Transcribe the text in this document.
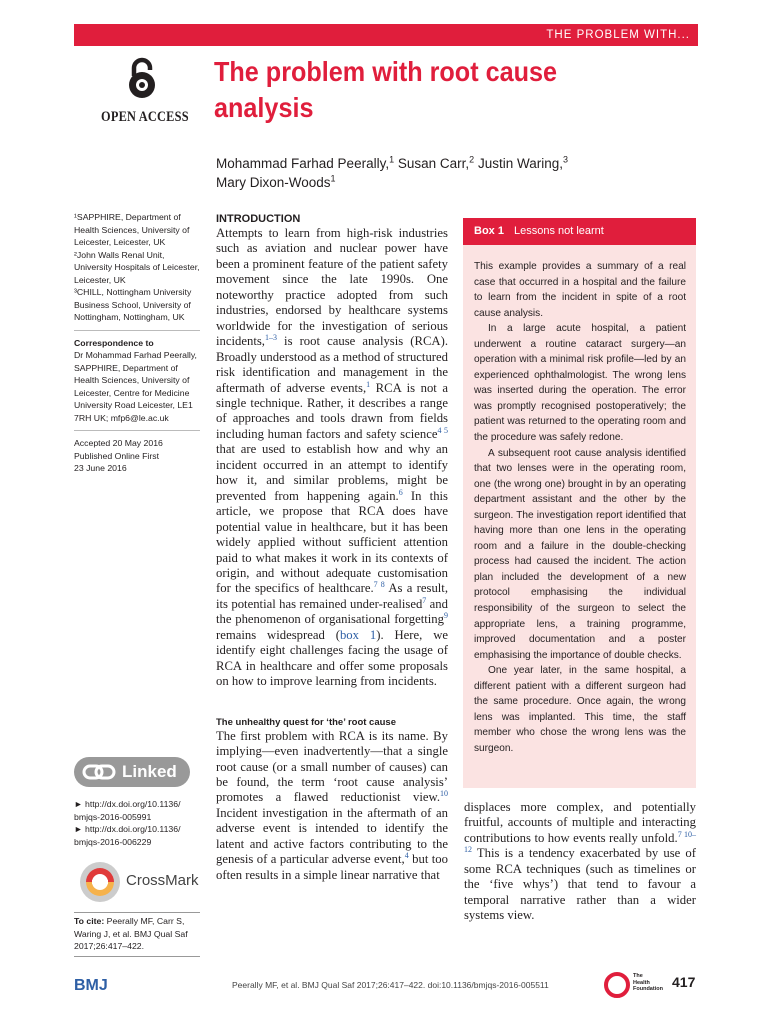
THE PROBLEM WITH...
OPEN ACCESS
The problem with root cause analysis
Mohammad Farhad Peerally,$^1$ Susan Carr,$^2$ Justin Waring,$^3$
Mary Dixon-Woods$^1$

¹SAPPHIRE, Department of Health Sciences, University of Leicester, Leicester, UK

²John Walls Renal Unit, University Hospitals of Leicester, Leicester, UK

³CHILL, Nottingham University Business School, University of Nottingham, Nottingham, UK

Correspondence to

Dr Mohammad Farhad Peerally, SAPPHIRE, Department of Health Sciences, University of Leicester, Centre for Medicine University Road Leicester, LE1 7RH UK; mfp6@le.ac.uk

Accepted 20 May 2016

Published Online First

23 June 2016

INTRODUCTION

Attempts to learn from high-risk industries such as aviation and nuclear power have been a prominent feature of the patient safety movement since the late 1990s. One noteworthy practice adopted from such industries, endorsed by healthcare systems worldwide for the investigation of serious incidents,$^{1-3}$ is root cause analysis (RCA). Broadly understood as a method of structured risk identification and management in the aftermath of adverse events,$^1$ RCA is not a single technique. Rather, it describes a range of approaches and tools drawn from fields including human factors and safety science$^{4 5}$ that are used to establish how and why an incident occurred in an attempt to identify how it, and similar problems, might be prevented from happening again.$^6$ In this article, we propose that RCA does have potential value in healthcare, but it has been widely applied without sufficient attention paid to what makes it work in its contexts of origin, and without adequate customisation for the specifics of healthcare.$^{7 8}$ As a result, its potential has remained under-realised$^7$ and the phenomenon of organisational forgetting$^9$ remains widespread (box 1). Here, we identify eight challenges facing the usage of RCA in healthcare and offer some proposals on how to improve learning from incidents.

The unhealthy quest for ‘the’ root cause

The first problem with RCA is its name. By implying—even inadvertently—that a single root cause (or a small number of causes) can be found, the term ‘root cause analysis’ promotes a flawed reductionist view.$^{10}$ Incident investigation in the aftermath of an adverse event is intended to identify the latent and active factors contributing to the genesis of a particular adverse event,$^4$ but too often results in a simple linear narrative that

Box 1 Lessons not learnt

This example provides a summary of a real case that occurred in a hospital and the failure to learn from the incident in spite of a root cause analysis.

In a large acute hospital, a patient underwent a routine cataract surgery—an operation with a minimal risk profile—led by an experienced ophthalmologist. The wrong lens was inserted during the operation. The error was promptly recognised postoperatively; the patient was returned to the operating room and the procedure was safely redone.

A subsequent root cause analysis identified that two lenses were in the operating room, one (the wrong one) brought in by an operating department assistant and the other by the surgeon. The investigation report identified that having more than one lens in the operating room and a failure in the double-checking process had caused the incident. The action plan included the development of a new protocol emphasising the individual responsibility of the surgeon to select the appropriate lens, a training programme, improved documentation and a poster emphasising the importance of double checks.

One year later, in the same hospital, a different patient with a different surgeon had the same procedure. Once again, the wrong lens was implanted. This time, the staff member who chose the wrong lens was the surgeon.

displaces more complex, and potentially fruitful, accounts of multiple and interacting contributions to how events really unfold.$^{7 10-12}$ This is a tendency exacerbated by use of some RCA techniques (such as timelines or the ‘five whys’) that tend to favour a temporal narrative rather than a wider systems view.

Linked

► http://dx.doi.org/10.1136/ bmjqs-2016-005991

► http://dx.doi.org/10.1136/ bmjqs-2016-006229

CrossMark
To cite: Peerally MF, Carr S, Waring J, et al. BMJ Qual Saf 2017;26:417–422.
BMJ	Peerally MF, et al. BMJ Qual Saf 2017;26:417–422. doi:10.1136/bmjqs-2016-005511
The
Health
Foundation 417
